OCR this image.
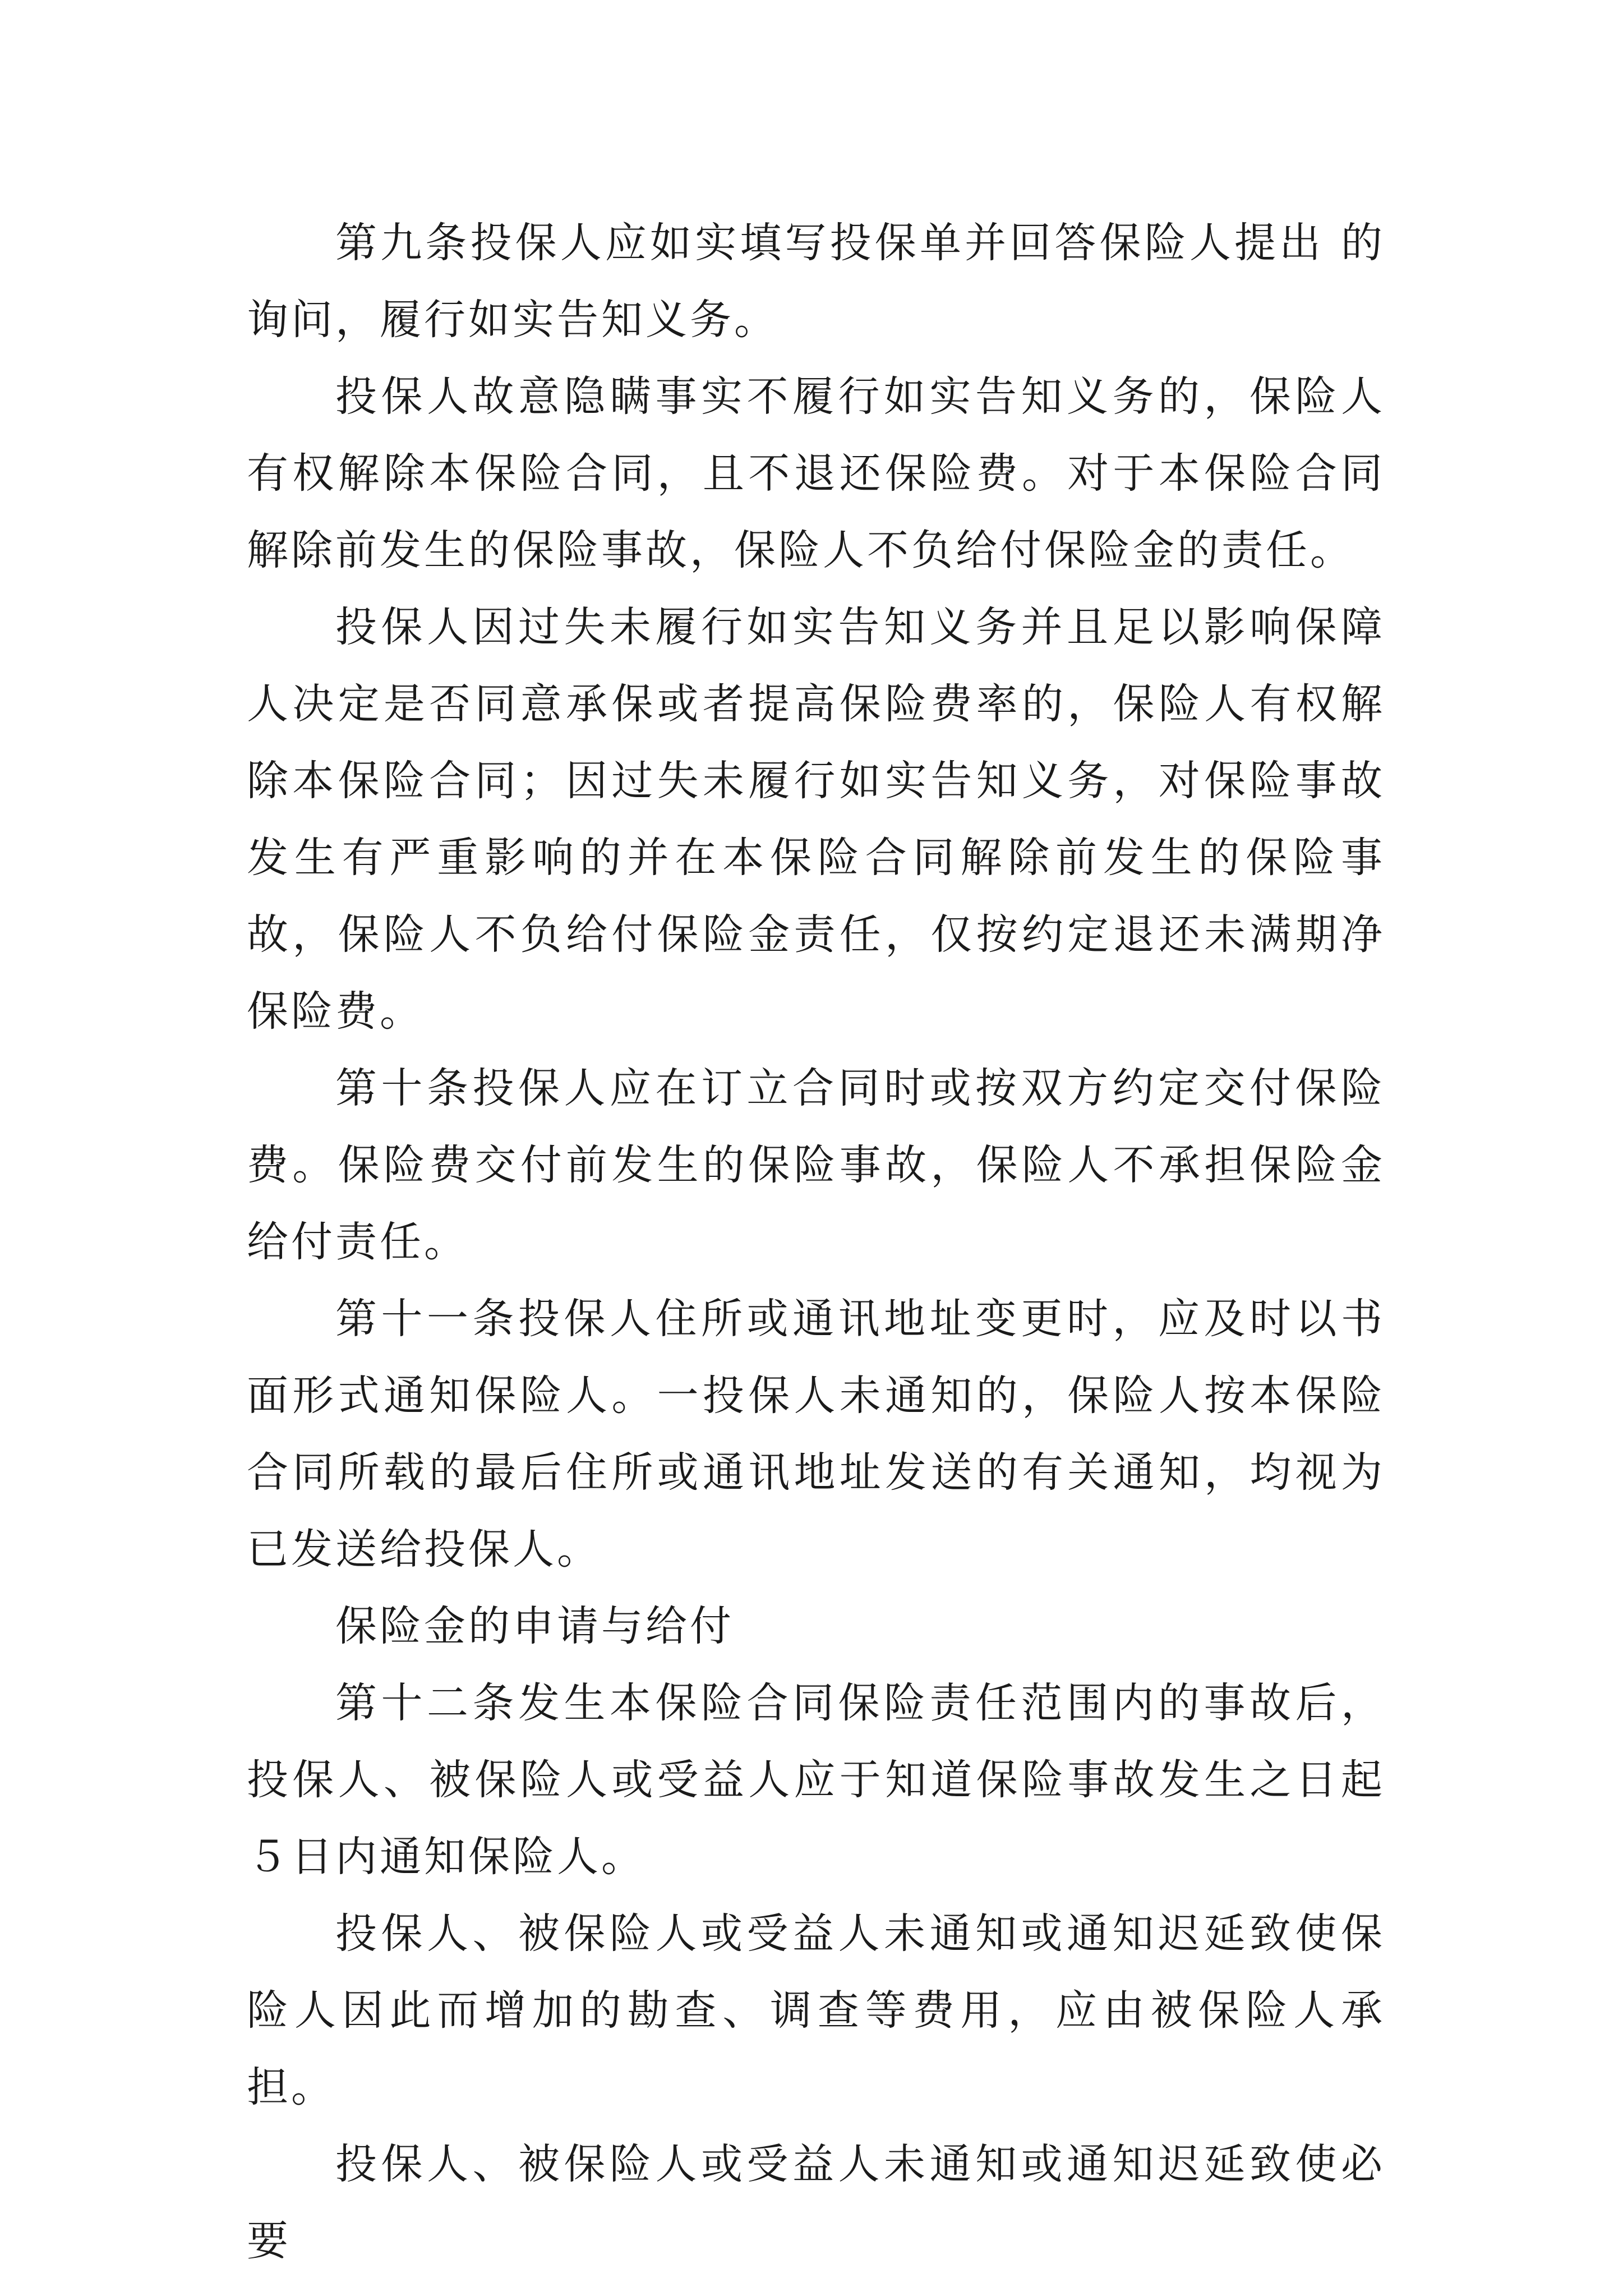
第九条投保人应如实填写投保单并回答保险人提出 的询问，履行如实告知义务。

投保人故意隐瞒事实不履行如实告知义务的，保险人有权解除本保险合同，且不退还保险费。对于本保险合同解除前发生的保险事故，保险人不负给付保险金的责任。

投保人因过失未履行如实告知义务并且足以影响保障人决定是否同意承保或者提高保险费率的，保险人有权解除本保险合同；因过失未履行如实告知义务，对保险事故发生有严重影响的并在本保险合同解除前发生的保险事故，保险人不负给付保险金责任，仅按约定退还未满期净保险费。

第十条投保人应在订立合同时或按双方约定交付保险费。保险费交付前发生的保险事故，保险人不承担保险金给付责任。

第十一条投保人住所或通讯地址变更时，应及时以书面形式通知保险人。一投保人未通知的，保险人按本保险合同所载的最后住所或通讯地址发送的有关通知，均视为已发送给投保人。

保险金的申请与给付

第十二条发生本保险合同保险责任范围内的事故后，投保人、被保险人或受益人应于知道保险事故发生之日起５日内通知保险人。

投保人、被保险人或受益人未通知或通知迟延致使保险人因此而增加的勘查、调查等费用，应由被保险人承担。

投保人、被保险人或受益人未通知或通知迟延致使必要
